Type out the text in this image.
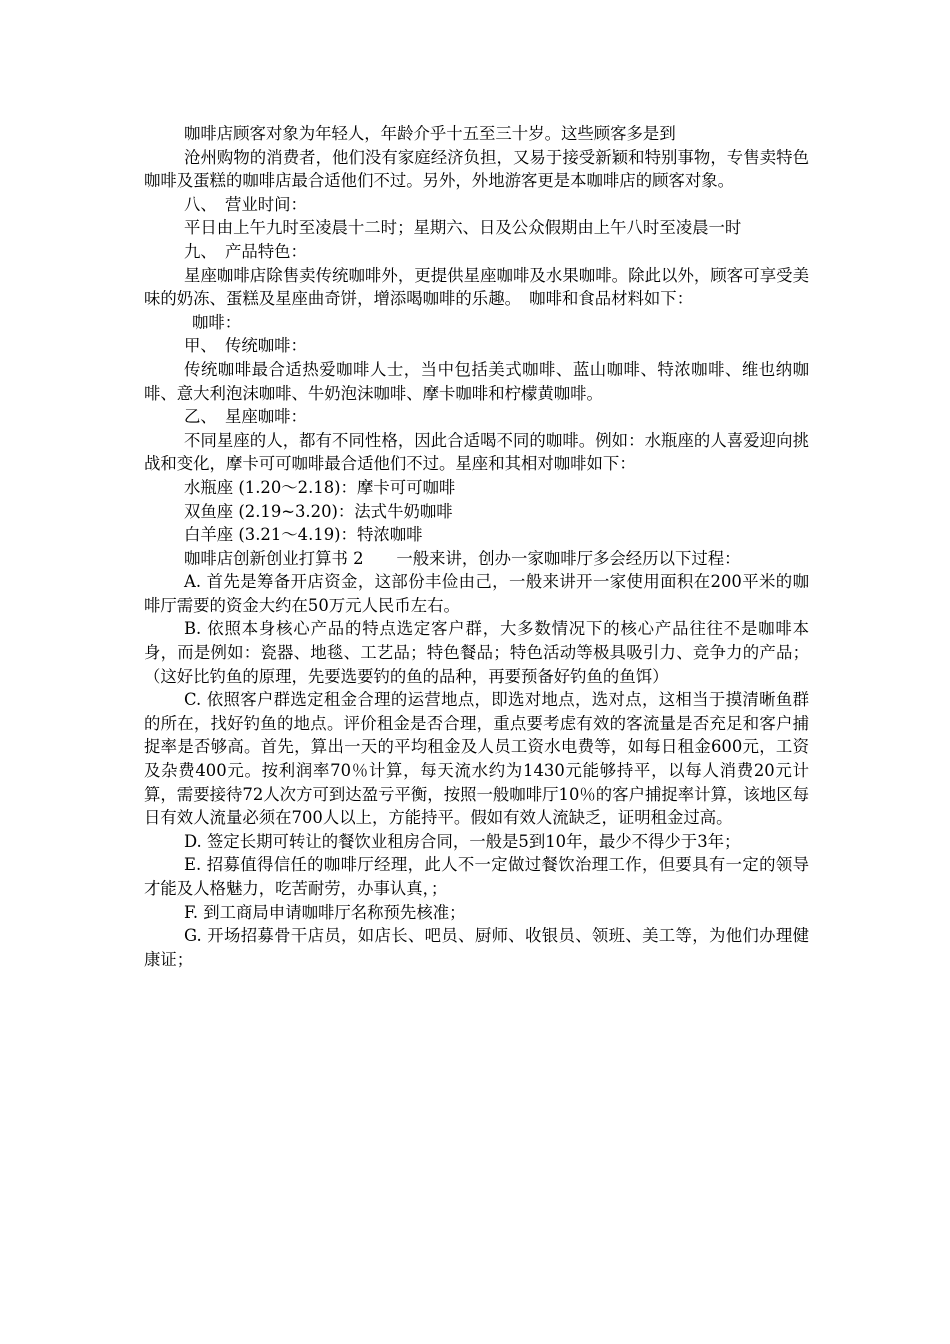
咖啡店顾客对象为年轻人，年龄介乎十五至三十岁。这些顾客多是到

沧州购物的消费者，他们没有家庭经济负担，又易于接受新颖和特别事物，专售卖特色咖啡及蛋糕的咖啡店最合适他们不过。另外，外地游客更是本咖啡店的顾客对象。

八、　营业时间：

平日由上午九时至凌晨十二时；星期六、日及公众假期由上午八时至凌晨一时

九、　产品特色：

星座咖啡店除售卖传统咖啡外，更提供星座咖啡及水果咖啡。除此以外，顾客可享受美味的奶冻、蛋糕及星座曲奇饼，增添喝咖啡的乐趣。　咖啡和食品材料如下：

咖啡：

甲、　传统咖啡：

传统咖啡最合适热爱咖啡人士，当中包括美式咖啡、蓝山咖啡、特浓咖啡、维也纳咖啡、意大利泡沫咖啡、牛奶泡沫咖啡、摩卡咖啡和柠檬黄咖啡。

乙、　星座咖啡：

不同星座的人，都有不同性格，因此合适喝不同的咖啡。例如：水瓶座的人喜爱迎向挑战和变化，摩卡可可咖啡最合适他们不过。星座和其相对咖啡如下：

水瓶座 (1.20～2.18)：摩卡可可咖啡

双鱼座 (2.19~3.20)：法式牛奶咖啡

白羊座 (3.21～4.19)：特浓咖啡

咖啡店创新创业打算书 2　　一般来讲，创办一家咖啡厅多会经历以下过程：

A. 首先是筹备开店资金，这部份丰俭由己，一般来讲开一家使用面积在200平米的咖啡厅需要的资金大约在50万元人民币左右。

B. 依照本身核心产品的特点选定客户群，大多数情况下的核心产品往往不是咖啡本身，而是例如：瓷器、地毯、工艺品；特色餐品；特色活动等极具吸引力、竞争力的产品；（这好比钓鱼的原理，先要选要钓的鱼的品种，再要预备好钓鱼的鱼饵）

C. 依照客户群选定租金合理的运营地点，即选对地点，选对点，这相当于摸清晰鱼群的所在，找好钓鱼的地点。评价租金是否合理，重点要考虑有效的客流量是否充足和客户捕捉率是否够高。首先，算出一天的平均租金及人员工资水电费等，如每日租金600元，工资及杂费400元。按利润率70％计算，每天流水约为1430元能够持平，以每人消费20元计算，需要接待72人次方可到达盈亏平衡，按照一般咖啡厅10％的客户捕捉率计算，该地区每日有效人流量必须在700人以上，方能持平。假如有效人流缺乏，证明租金过高。

D. 签定长期可转让的餐饮业租房合同，一般是5到10年，最少不得少于3年；

E. 招募值得信任的咖啡厅经理，此人不一定做过餐饮治理工作，但要具有一定的领导才能及人格魅力，吃苦耐劳，办事认真，；

F. 到工商局申请咖啡厅名称预先核准；

G. 开场招募骨干店员，如店长、吧员、厨师、收银员、领班、美工等，为他们办理健康证；
